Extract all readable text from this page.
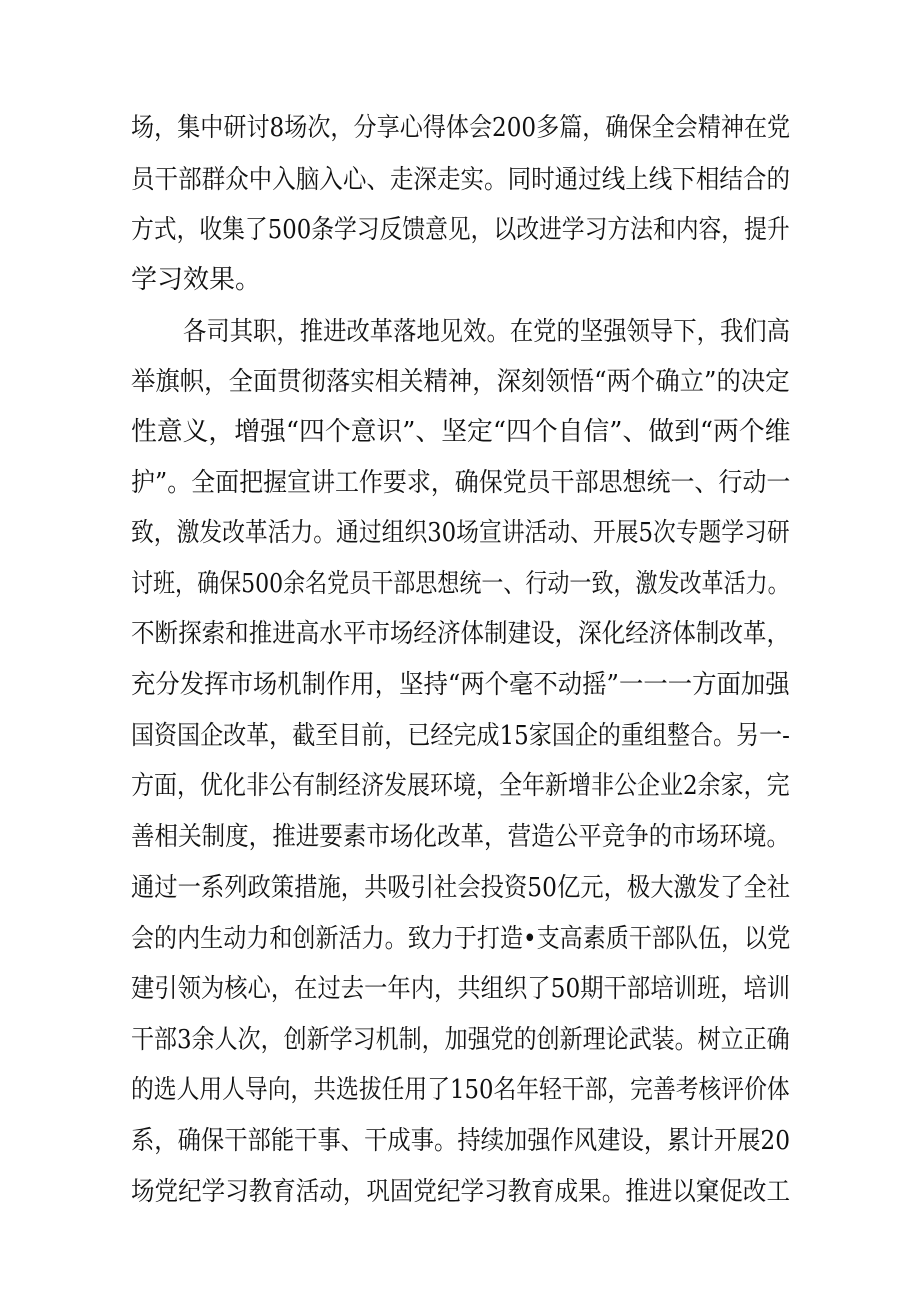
场，集中研讨8场次，分享心得体会200多篇，确保全会精神在党
员干部群众中入脑入心、走深走实。同时通过线上线下相结合的
方式，收集了500条学习反馈意见，以改进学习方法和内容，提升
学习效果。
各司其职，推进改革落地见效。在党的坚强领导下，我们高
举旗帜，全面贯彻落实相关精神，深刻领悟“两个确立”的决定
性意义，增强“四个意识”、坚定“四个自信”、做到“两个维
护”。全面把握宣讲工作要求，确保党员干部思想统一、行动一
致，激发改革活力。通过组织30场宣讲活动、开展5次专题学习研
讨班，确保500余名党员干部思想统一、行动一致，激发改革活力。
不断探索和推进高水平市场经济体制建设，深化经济体制改革，
充分发挥市场机制作用，坚持“两个毫不动摇”一一一方面加强
国资国企改革，截至目前，已经完成15家国企的重组整合。另一-
方面，优化非公有制经济发展环境，全年新增非公企业2余家，完
善相关制度，推进要素市场化改革，营造公平竞争的市场环境。
通过一系列政策措施，共吸引社会投资50亿元，极大激发了全社
会的内生动力和创新活力。致力于打造•支高素质干部队伍，以党
建引领为核心，在过去一年内，共组织了50期干部培训班，培训
干部3余人次，创新学习机制，加强党的创新理论武装。树立正确
的选人用人导向，共选拔任用了150名年轻干部，完善考核评价体
系，确保干部能干事、干成事。持续加强作风建设，累计开展20
场党纪学习教育活动，巩固党纪学习教育成果。推进以窠促改工
